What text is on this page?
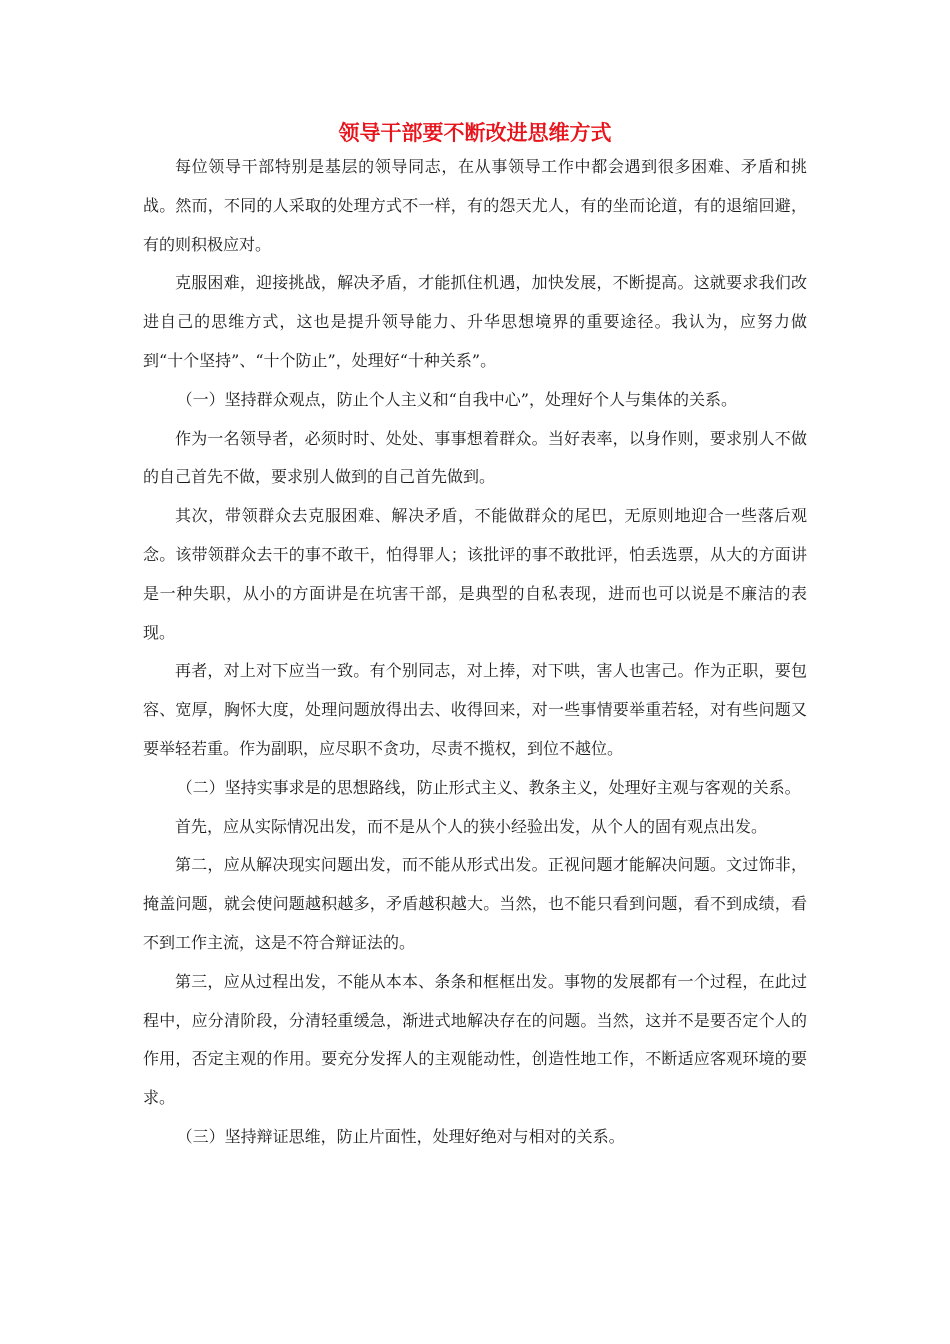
领导干部要不断改进思维方式

每位领导干部特别是基层的领导同志，在从事领导工作中都会遇到很多困难、矛盾和挑战。然而，不同的人采取的处理方式不一样，有的怨天尤人，有的坐而论道，有的退缩回避，有的则积极应对。

克服困难，迎接挑战，解决矛盾，才能抓住机遇，加快发展，不断提高。这就要求我们改进自己的思维方式，这也是提升领导能力、升华思想境界的重要途径。我认为，应努力做到“十个坚持”、“十个防止”，处理好“十种关系”。

（一）坚持群众观点，防止个人主义和“自我中心”，处理好个人与集体的关系。

作为一名领导者，必须时时、处处、事事想着群众。当好表率，以身作则，要求别人不做的自己首先不做，要求别人做到的自己首先做到。

其次，带领群众去克服困难、解决矛盾，不能做群众的尾巴，无原则地迎合一些落后观念。该带领群众去干的事不敢干，怕得罪人；该批评的事不敢批评，怕丢选票，从大的方面讲是一种失职，从小的方面讲是在坑害干部，是典型的自私表现，进而也可以说是不廉洁的表现。

再者，对上对下应当一致。有个别同志，对上捧，对下哄，害人也害己。作为正职，要包容、宽厚，胸怀大度，处理问题放得出去、收得回来，对一些事情要举重若轻，对有些问题又要举轻若重。作为副职，应尽职不贪功，尽责不揽权，到位不越位。

（二）坚持实事求是的思想路线，防止形式主义、教条主义，处理好主观与客观的关系。

首先，应从实际情况出发，而不是从个人的狭小经验出发，从个人的固有观点出发。

第二，应从解决现实问题出发，而不能从形式出发。正视问题才能解决问题。文过饰非，掩盖问题，就会使问题越积越多，矛盾越积越大。当然，也不能只看到问题，看不到成绩，看不到工作主流，这是不符合辩证法的。

第三，应从过程出发，不能从本本、条条和框框出发。事物的发展都有一个过程，在此过程中，应分清阶段，分清轻重缓急，渐进式地解决存在的问题。当然，这并不是要否定个人的作用，否定主观的作用。要充分发挥人的主观能动性，创造性地工作，不断适应客观环境的要求。

（三）坚持辩证思维，防止片面性，处理好绝对与相对的关系。
